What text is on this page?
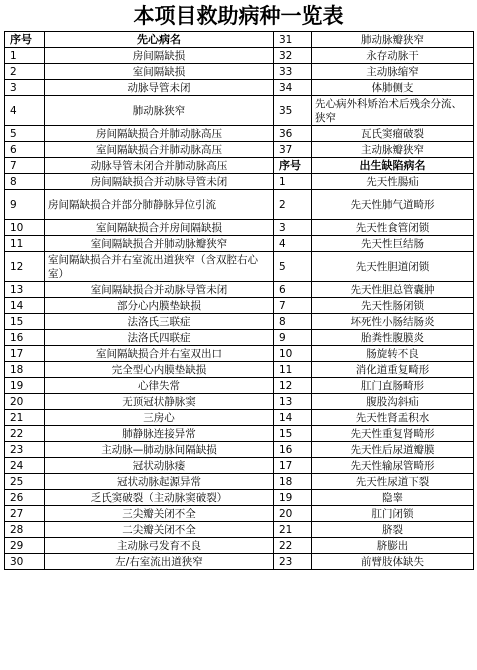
本项目救助病种一览表
序号	先心病名	31	肺动脉瓣狭窄
1	房间隔缺损	32	永存动脉干
2	室间隔缺损	33	主动脉缩窄
3	动脉导管未闭	34	体肺侧支
4	肺动脉狭窄	35	先心病外科矫治术后残余分流、狭窄
5	房间隔缺损合并肺动脉高压	36	瓦氏窦瘤破裂
6	室间隔缺损合并肺动脉高压	37	主动脉瓣狭窄
7	动脉导管未闭合并肺动脉高压	序号	出生缺陷病名
8	房间隔缺损合并动脉导管未闭	1	先天性腸疝
9	房间隔缺损合并部分肺静脉异位引流	2	先天性肺气道畸形
10	室间隔缺损合并房间隔缺损	3	先天性食管闭锁
11	室间隔缺损合并肺动脉瓣狭窄	4	先天性巨结肠
12	室间隔缺损合并右室流出道狭窄（含双腔右心室）	5	先天性胆道闭锁
13	室间隔缺损合并动脉导管未闭	6	先天性胆总管囊肿
14	部分心内膜垫缺损	7	先天性肠闭锁
15	法洛氏三联症	8	坏死性小肠结肠炎
16	法洛氏四联症	9	胎粪性腹膜炎
17	室间隔缺损合并右室双出口	10	肠旋转不良
18	完全型心内膜垫缺损	11	消化道重复畸形
19	心律失常	12	肛门直肠畸形
20	无顶冠状静脉窦	13	腹股沟斜疝
21	三房心	14	先天性肾盂积水
22	肺静脉连接异常	15	先天性重复肾畸形
23	主动脉—肺动脉间隔缺损	16	先天性后尿道瓣膜
24	冠状动脉瘘	17	先天性输尿管畸形
25	冠状动脉起源异常	18	先天性尿道下裂
26	乏氏窦破裂（主动脉窦破裂）	19	隐睾
27	三尖瓣关闭不全	20	肛门闭锁
28	二尖瓣关闭不全	21	脐裂
29	主动脉弓发育不良	22	脐膨出
30	左/右室流出道狭窄	23	前臂肢体缺失
